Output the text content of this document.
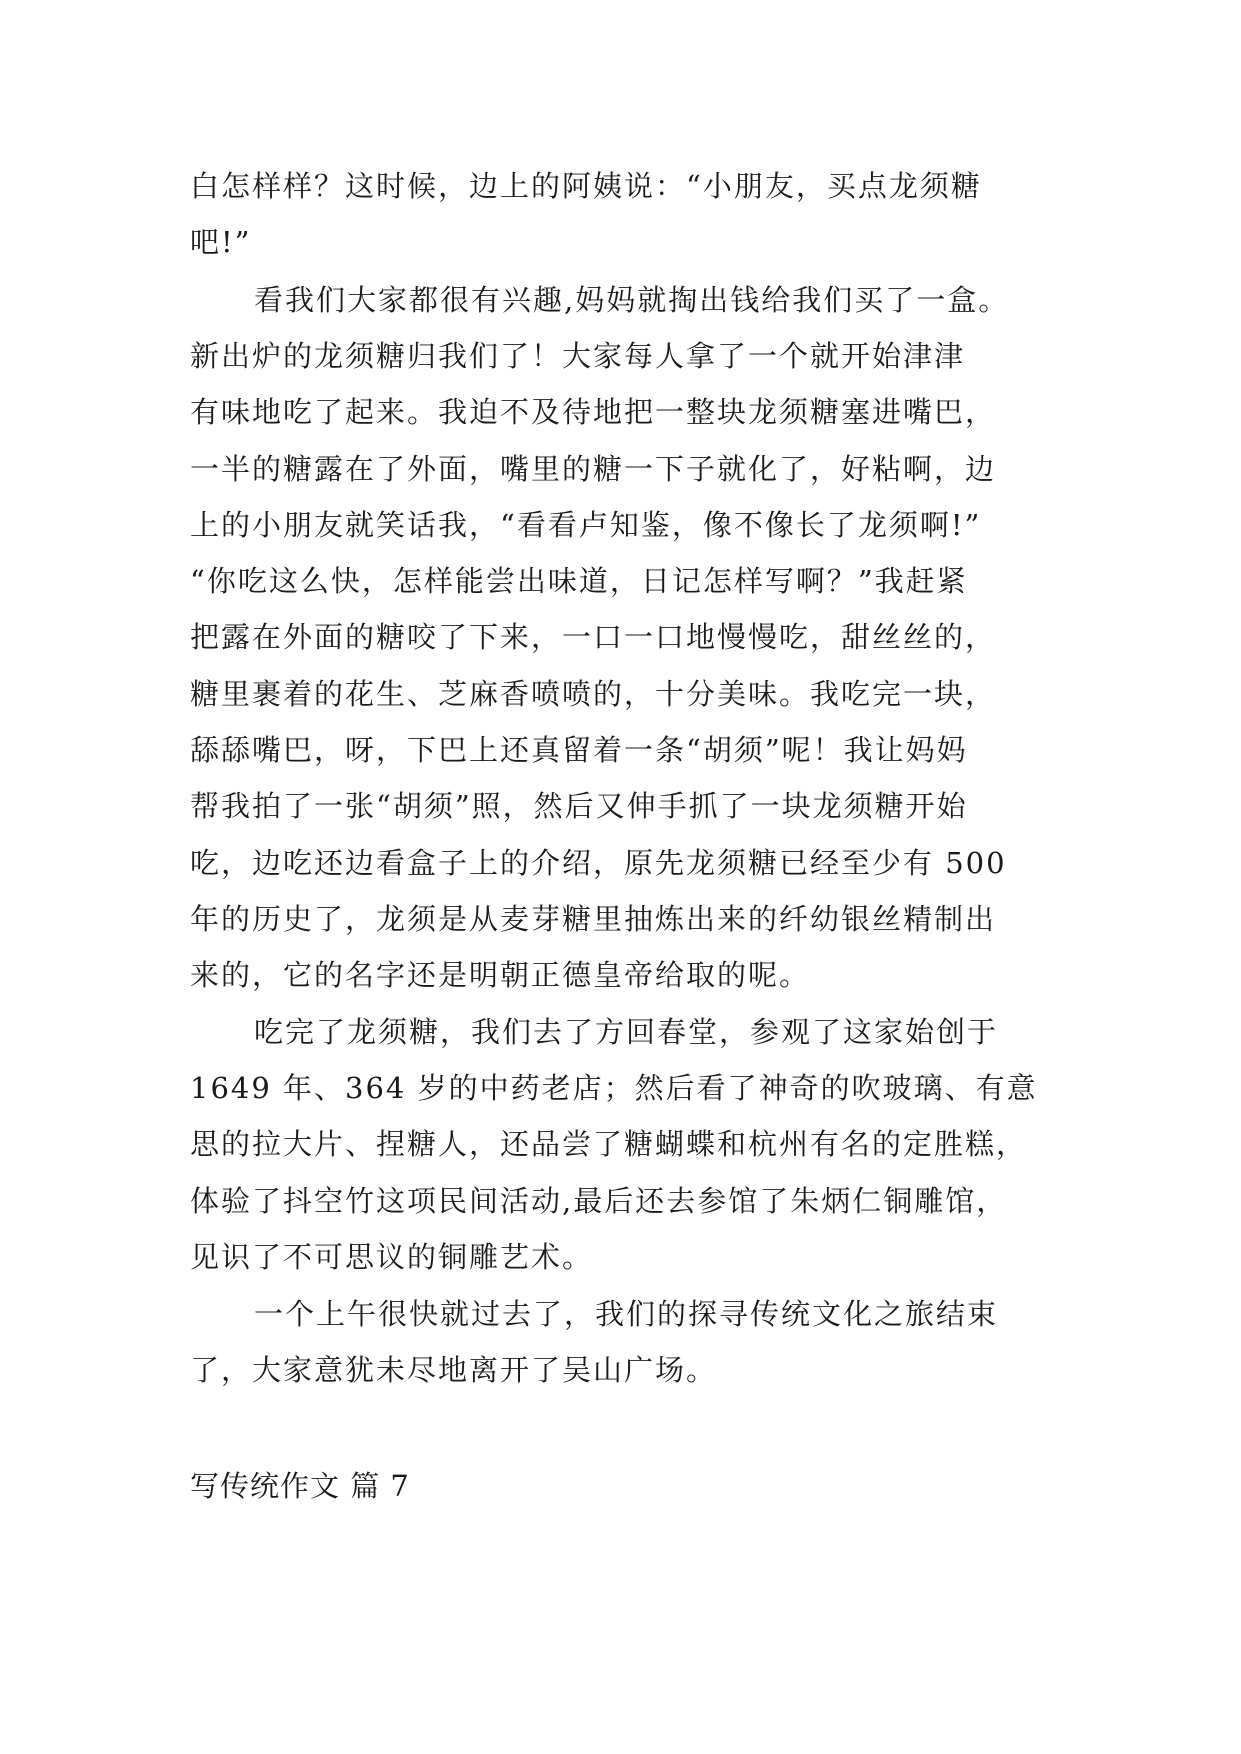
白怎样样？这时候，边上的阿姨说：“小朋友，买点龙须糖

吧!”

看我们大家都很有兴趣,妈妈就掏出钱给我们买了一盒。

新出炉的龙须糖归我们了！大家每人拿了一个就开始津津

有味地吃了起来。我迫不及待地把一整块龙须糖塞进嘴巴，

一半的糖露在了外面，嘴里的糖一下子就化了，好粘啊，边

上的小朋友就笑话我，“看看卢知鉴，像不像长了龙须啊!”

“你吃这么快，怎样能尝出味道，日记怎样写啊？”我赶紧

把露在外面的糖咬了下来，一口一口地慢慢吃，甜丝丝的，

糖里裹着的花生、芝麻香喷喷的，十分美味。我吃完一块，

舔舔嘴巴，呀，下巴上还真留着一条“胡须”呢！我让妈妈

帮我拍了一张“胡须”照，然后又伸手抓了一块龙须糖开始

吃，边吃还边看盒子上的介绍，原先龙须糖已经至少有 500

年的历史了，龙须是从麦芽糖里抽炼出来的纤幼银丝精制出

来的，它的名字还是明朝正德皇帝给取的呢。

吃完了龙须糖，我们去了方回春堂，参观了这家始创于

1649 年、364 岁的中药老店；然后看了神奇的吹玻璃、有意

思的拉大片、捏糖人，还品尝了糖蝴蝶和杭州有名的定胜糕，

体验了抖空竹这项民间活动,最后还去参馆了朱炳仁铜雕馆，

见识了不可思议的铜雕艺术。

一个上午很快就过去了，我们的探寻传统文化之旅结束

了，大家意犹未尽地离开了吴山广场。

写传统作文 篇 7
